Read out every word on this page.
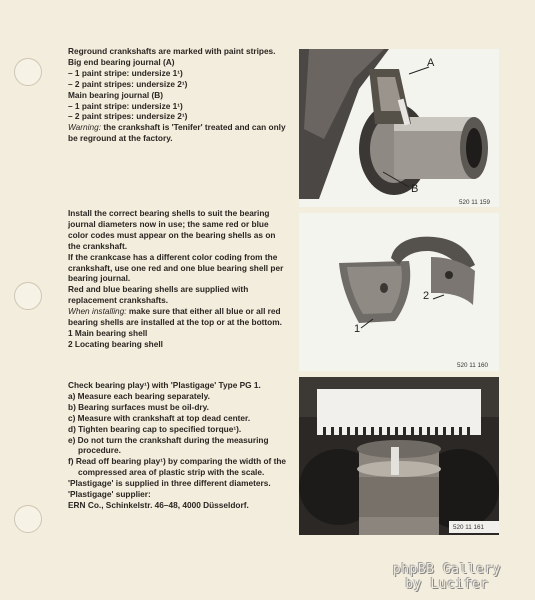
Reground crankshafts are marked with paint stripes.

Big end bearing journal (A)

– 1 paint stripe: undersize 1¹)

– 2 paint stripes: undersize 2¹)

Main bearing journal (B)

– 1 paint stripe: undersize 1¹)

– 2 paint stripes: undersize 2¹)

Warning: the crankshaft is 'Tenifer' treated and can only be reground at the factory.

A
B
520 11 159

Install the correct bearing shells to suit the bearing journal diameters now in use; the same red or blue color codes must appear on the bearing shells as on the crankshaft.

If the crankcase has a different color coding from the crankshaft, use one red and one blue bearing shell per bearing journal.

Red and blue bearing shells are supplied with replacement crankshafts.

When installing: make sure that either all blue or all red bearing shells are installed at the top or at the bottom.

1 Main bearing shell

2 Locating bearing shell

1
2
520 11 160

Check bearing play¹) with 'Plastigage' Type PG 1.

a) Measure each bearing separately.

b) Bearing surfaces must be oil-dry.

c) Measure with crankshaft at top dead center.

d) Tighten bearing cap to specified torque¹).

e) Do not turn the crankshaft during the measuring procedure.

f) Read off bearing play¹) by comparing the width of the compressed area of plastic strip with the scale.

'Plastigage' is supplied in three different diameters.

'Plastigage' supplier:

ERN Co., Schinkelstr. 46–48, 4000 Düsseldorf.

520 11 161
phpBB Gallery
by Lucifer
